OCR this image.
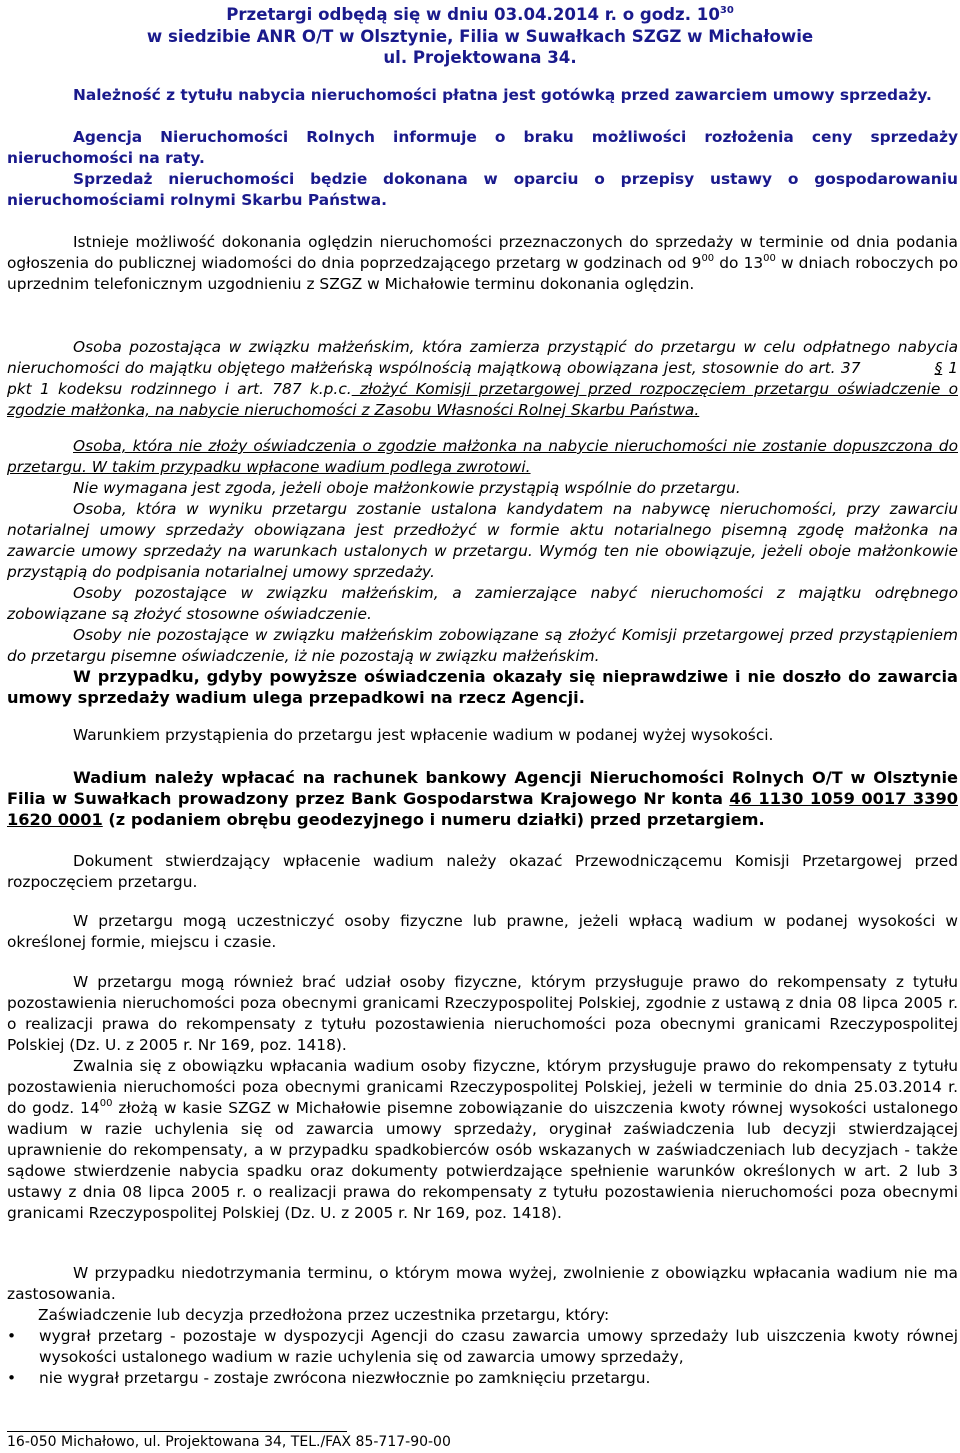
Przetargi odbędą się w dniu 03.04.2014 r. o godz. $10^{30}$
w siedzibie ANR O/T w Olsztynie, Filia w Suwałkach SZGZ w Michałowie
ul. Projektowana 34.

Należność z tytułu nabycia nieruchomości płatna jest gotówką przed zawarciem umowy sprzedaży.

Agencja Nieruchomości Rolnych informuje o braku możliwości rozłożenia ceny sprzedaży nieruchomości na raty.

Sprzedaż nieruchomości będzie dokonana w oparciu o przepisy ustawy o gospodarowaniu nieruchomościami rolnymi Skarbu Państwa.

Istnieje możliwość dokonania oględzin nieruchomości przeznaczonych do sprzedaży w terminie od dnia podania ogłoszenia do publicznej wiadomości do dnia poprzedzającego przetarg w godzinach od $9^{00}$ do $13^{00}$ w dniach roboczych po uprzednim telefonicznym uzgodnieniu z SZGZ w Michałowie terminu dokonania oględzin.

Osoba pozostająca w związku małżeńskim, która zamierza przystąpić do przetargu w celu odpłatnego nabycia nieruchomości do majątku objętego małżeńską wspólnością majątkową obowiązana jest, stosownie do art. 37	§ 1 pkt 1 kodeksu rodzinnego i art. 787 k.p.c. złożyć Komisji przetargowej przed rozpoczęciem przetargu oświadczenie o zgodzie małżonka, na nabycie nieruchomości z Zasobu Własności Rolnej Skarbu Państwa.

Osoba, która nie złoży oświadczenia o zgodzie małżonka na nabycie nieruchomości nie zostanie dopuszczona do przetargu. W takim przypadku wpłacone wadium podlega zwrotowi.

Nie wymagana jest zgoda, jeżeli oboje małżonkowie przystąpią wspólnie do przetargu.

Osoba, która w wyniku przetargu zostanie ustalona kandydatem na nabywcę nieruchomości, przy zawarciu notarialnej umowy sprzedaży obowiązana jest przedłożyć w formie aktu notarialnego pisemną zgodę małżonka na zawarcie umowy sprzedaży na warunkach ustalonych w przetargu. Wymóg ten nie obowiązuje, jeżeli oboje małżonkowie przystąpią do podpisania notarialnej umowy sprzedaży.

Osoby pozostające w związku małżeńskim, a zamierzające nabyć nieruchomości z majątku odrębnego zobowiązane są złożyć stosowne oświadczenie.

Osoby nie pozostające w związku małżeńskim zobowiązane są złożyć Komisji przetargowej przed przystąpieniem do przetargu pisemne oświadczenie, iż nie pozostają w związku małżeńskim.

W przypadku, gdyby powyższe oświadczenia okazały się nieprawdziwe i nie doszło do zawarcia umowy sprzedaży wadium ulega przepadkowi na rzecz Agencji.

Warunkiem przystąpienia do przetargu jest wpłacenie wadium w podanej wyżej wysokości.

Wadium należy wpłacać na rachunek bankowy Agencji Nieruchomości Rolnych O/T w Olsztynie Filia w Suwałkach prowadzony przez Bank Gospodarstwa Krajowego Nr konta 46 1130 1059 0017 3390 1620 0001 (z podaniem obrębu geodezyjnego i numeru działki) przed przetargiem.

Dokument stwierdzający wpłacenie wadium należy okazać Przewodniczącemu Komisji Przetargowej przed rozpoczęciem przetargu.

W przetargu mogą uczestniczyć osoby fizyczne lub prawne, jeżeli wpłacą wadium w podanej wysokości w określonej formie, miejscu i czasie.

W przetargu mogą również brać udział osoby fizyczne, którym przysługuje prawo do rekompensaty z tytułu pozostawienia nieruchomości poza obecnymi granicami Rzeczypospolitej Polskiej, zgodnie z ustawą z dnia 08 lipca 2005 r. o realizacji prawa do rekompensaty z tytułu pozostawienia nieruchomości poza obecnymi granicami Rzeczypospolitej Polskiej (Dz. U. z 2005 r. Nr 169, poz. 1418).

Zwalnia się z obowiązku wpłacania wadium osoby fizyczne, którym przysługuje prawo do rekompensaty z tytułu pozostawienia nieruchomości poza obecnymi granicami Rzeczypospolitej Polskiej, jeżeli w terminie do dnia 25.03.2014 r. do godz. $14^{00}$ złożą w kasie SZGZ w Michałowie pisemne zobowiązanie do uiszczenia kwoty równej wysokości ustalonego wadium w razie uchylenia się od zawarcia umowy sprzedaży, oryginał zaświadczenia lub decyzji stwierdzającej uprawnienie do rekompensaty, a w przypadku spadkobierców osób wskazanych w zaświadczeniach lub decyzjach - także sądowe stwierdzenie nabycia spadku oraz dokumenty potwierdzające spełnienie warunków określonych w art. 2 lub 3 ustawy z dnia 08 lipca 2005 r. o realizacji prawa do rekompensaty z tytułu pozostawienia nieruchomości poza obecnymi granicami Rzeczypospolitej Polskiej (Dz. U. z 2005 r. Nr 169, poz. 1418).

W przypadku niedotrzymania terminu, o którym mowa wyżej, zwolnienie z obowiązku wpłacania wadium nie ma zastosowania.

Zaświadczenie lub decyzja przedłożona przez uczestnika przetargu, który:

• wygrał przetarg - pozostaje w dyspozycji Agencji do czasu zawarcia umowy sprzedaży lub uiszczenia kwoty równej wysokości ustalonego wadium w razie uchylenia się od zawarcia umowy sprzedaży,
• nie wygrał przetargu - zostaje zwrócona niezwłocznie po zamknięciu przetargu.
16-050 Michałowo, ul. Projektowana 34, TEL./FAX 85-717-90-00
